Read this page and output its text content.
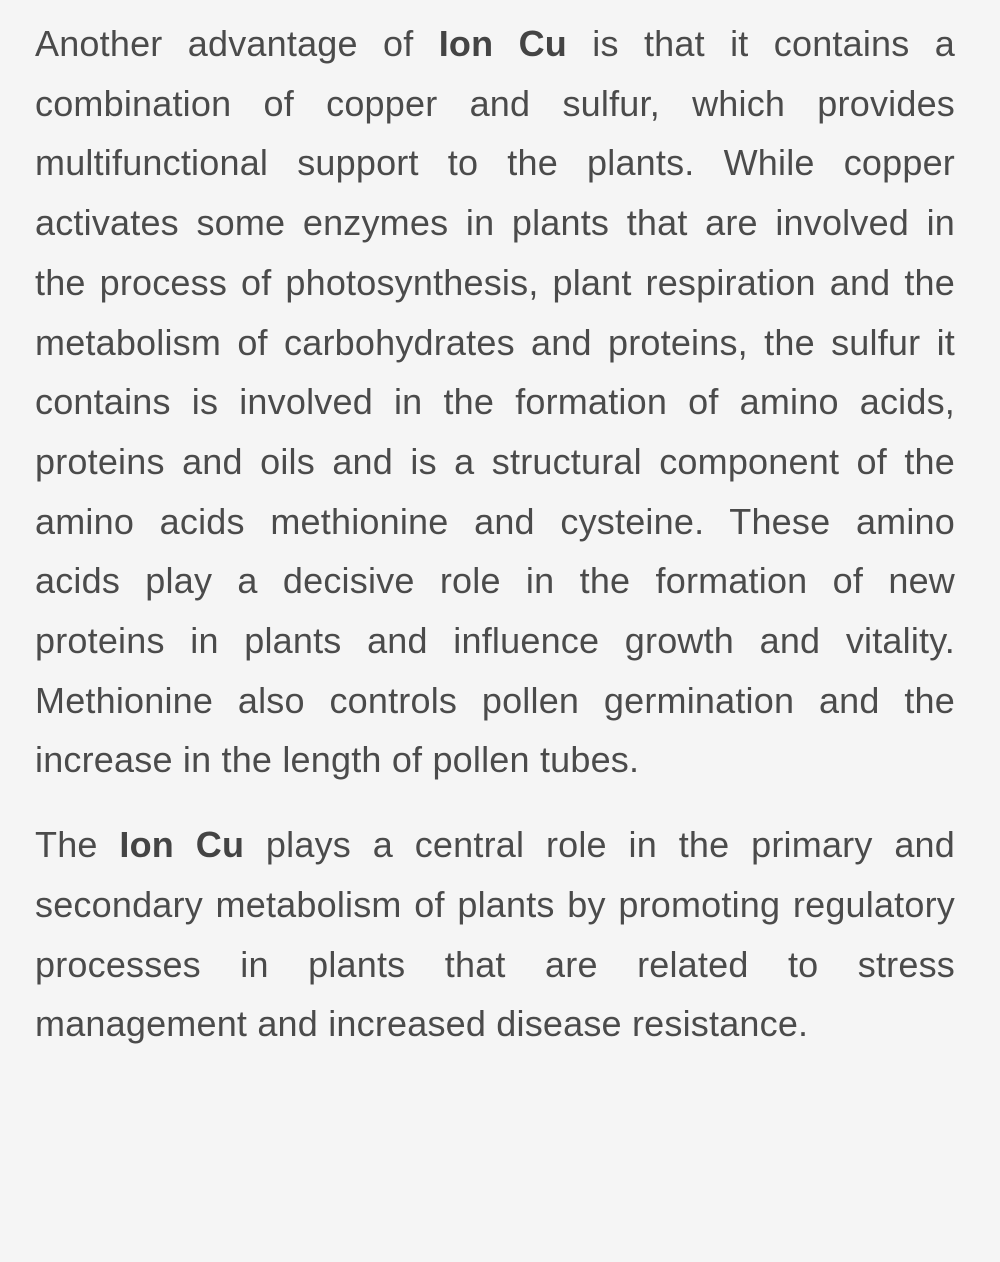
Another advantage of Ion Cu is that it contains a combination of copper and sulfur, which provides multifunctional support to the plants. While copper activates some enzymes in plants that are involved in the process of photosynthesis, plant respiration and the metabolism of carbohydrates and proteins, the sulfur it contains is involved in the formation of amino acids, proteins and oils and is a structural component of the amino acids methionine and cysteine. These amino acids play a decisive role in the formation of new proteins in plants and influence growth and vitality. Methionine also controls pollen germination and the increase in the length of pollen tubes.

The Ion Cu plays a central role in the primary and secondary metabolism of plants by promoting regulatory processes in plants that are related to stress management and increased disease resistance.
